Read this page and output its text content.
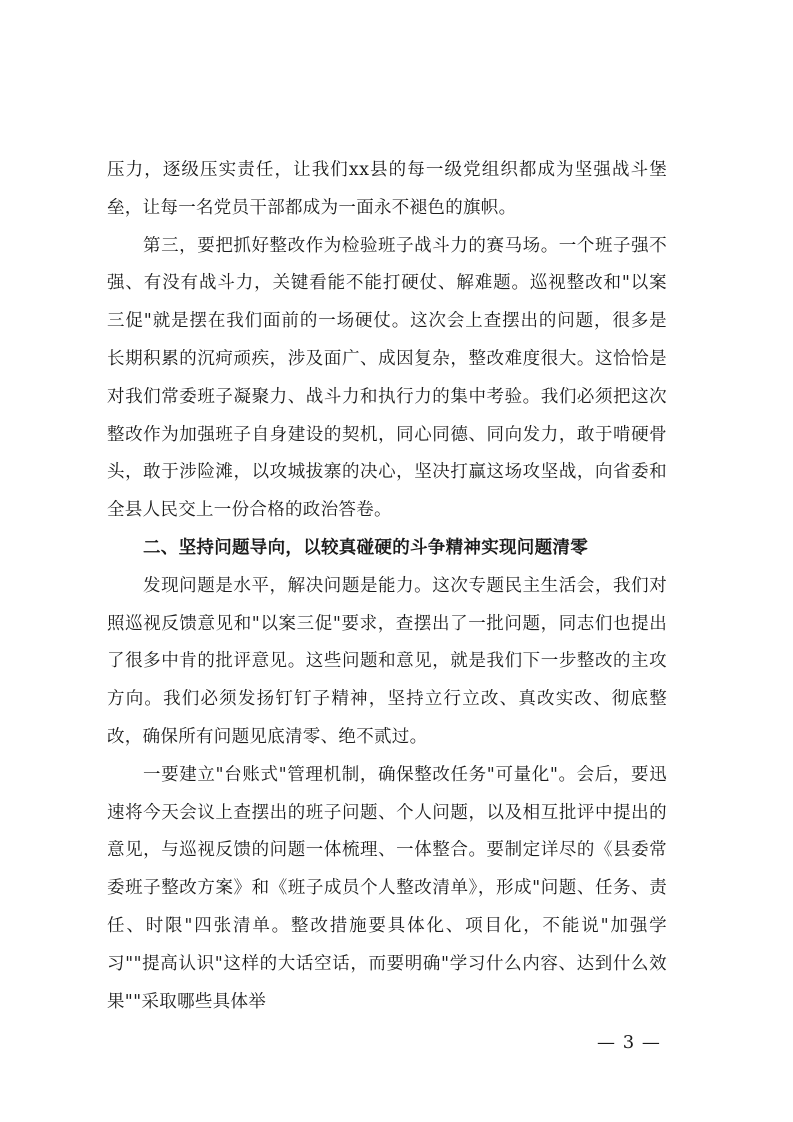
压力，逐级压实责任，让我们xx县的每一级党组织都成为坚强战斗堡垒，让每一名党员干部都成为一面永不褪色的旗帜。

第三，要把抓好整改作为检验班子战斗力的赛马场。一个班子强不强、有没有战斗力，关键看能不能打硬仗、解难题。巡视整改和"以案三促"就是摆在我们面前的一场硬仗。这次会上查摆出的问题，很多是长期积累的沉疴顽疾，涉及面广、成因复杂，整改难度很大。这恰恰是对我们常委班子凝聚力、战斗力和执行力的集中考验。我们必须把这次整改作为加强班子自身建设的契机，同心同德、同向发力，敢于啃硬骨头，敢于涉险滩，以攻城拔寨的决心，坚决打赢这场攻坚战，向省委和全县人民交上一份合格的政治答卷。

二、坚持问题导向，以较真碰硬的斗争精神实现问题清零

发现问题是水平，解决问题是能力。这次专题民主生活会，我们对照巡视反馈意见和"以案三促"要求，查摆出了一批问题，同志们也提出了很多中肯的批评意见。这些问题和意见，就是我们下一步整改的主攻方向。我们必须发扬钉钉子精神，坚持立行立改、真改实改、彻底整改，确保所有问题见底清零、绝不贰过。

一要建立"台账式"管理机制，确保整改任务"可量化"。会后，要迅速将今天会议上查摆出的班子问题、个人问题，以及相互批评中提出的意见，与巡视反馈的问题一体梳理、一体整合。要制定详尽的《县委常委班子整改方案》和《班子成员个人整改清单》，形成"问题、任务、责任、时限"四张清单。整改措施要具体化、项目化，不能说"加强学习""提高认识"这样的大话空话，而要明确"学习什么内容、达到什么效果""采取哪些具体举

— 3 —
